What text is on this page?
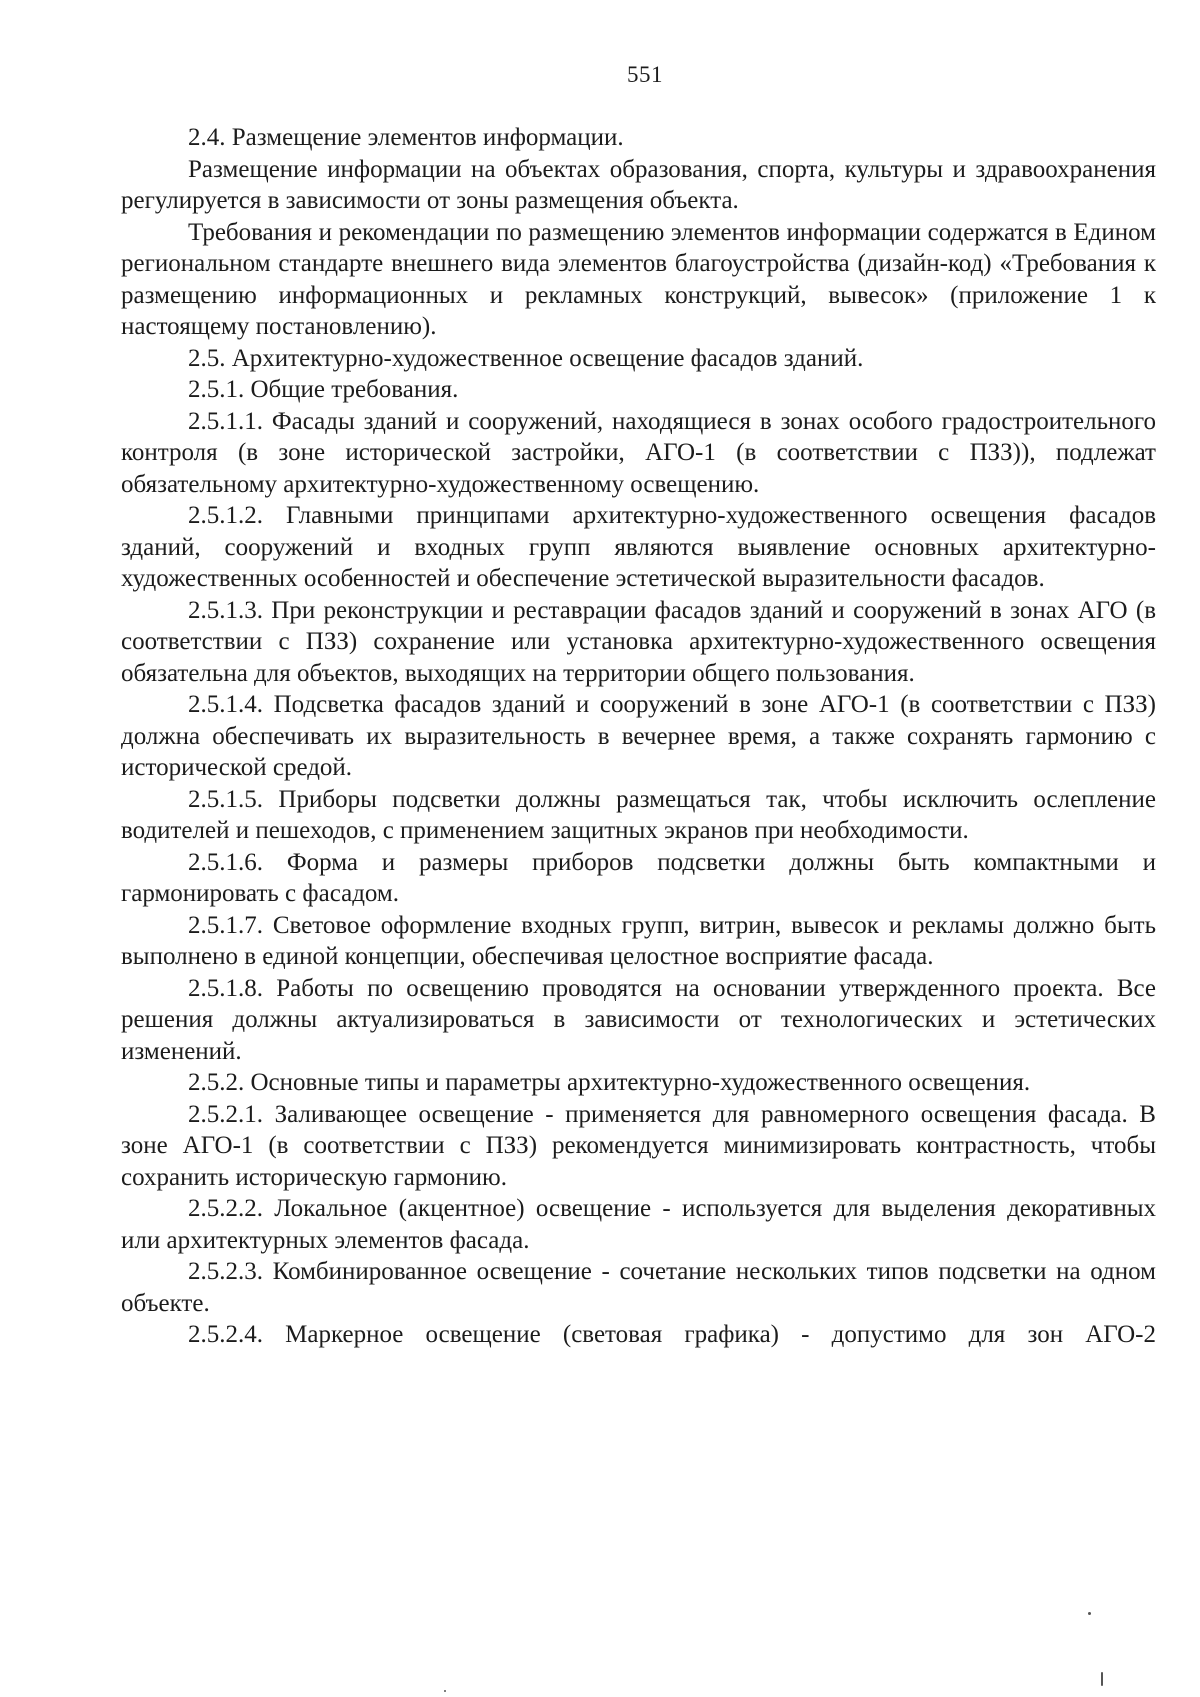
551

2.4. Размещение элементов информации.

Размещение информации на объектах образования, спорта, культуры и здравоохранения регулируется в зависимости от зоны размещения объекта.

Требования и рекомендации по размещению элементов информации содержатся в Едином региональном стандарте внешнего вида элементов благоустройства (дизайн-код) «Требования к размещению информационных и рекламных конструкций, вывесок» (приложение 1 к настоящему постановлению).

2.5. Архитектурно-художественное освещение фасадов зданий.

2.5.1. Общие требования.

2.5.1.1. Фасады зданий и сооружений, находящиеся в зонах особого градостроительного контроля (в зоне исторической застройки, АГО-1 (в соответствии с ПЗЗ)), подлежат обязательному архитектурно-художественному освещению.

2.5.1.2. Главными принципами архитектурно-художественного освещения фасадов зданий, сооружений и входных групп являются выявление основных архитектурно-художественных особенностей и обеспечение эстетической выразительности фасадов.

2.5.1.3. При реконструкции и реставрации фасадов зданий и сооружений в зонах АГО (в соответствии с ПЗЗ) сохранение или установка архитектурно-художественного освещения обязательна для объектов, выходящих на территории общего пользования.

2.5.1.4. Подсветка фасадов зданий и сооружений в зоне АГО-1 (в соответствии с ПЗЗ) должна обеспечивать их выразительность в вечернее время, а также сохранять гармонию с исторической средой.

2.5.1.5. Приборы подсветки должны размещаться так, чтобы исключить ослепление водителей и пешеходов, с применением защитных экранов при необходимости.

2.5.1.6. Форма и размеры приборов подсветки должны быть компактными и гармонировать с фасадом.

2.5.1.7. Световое оформление входных групп, витрин, вывесок и рекламы должно быть выполнено в единой концепции, обеспечивая целостное восприятие фасада.

2.5.1.8. Работы по освещению проводятся на основании утвержденного проекта. Все решения должны актуализироваться в зависимости от технологических и эстетических изменений.

2.5.2. Основные типы и параметры архитектурно-художественного освещения.

2.5.2.1. Заливающее освещение - применяется для равномерного освещения фасада. В зоне АГО-1 (в соответствии с ПЗЗ) рекомендуется минимизировать контрастность, чтобы сохранить историческую гармонию.

2.5.2.2. Локальное (акцентное) освещение - используется для выделения декоративных или архитектурных элементов фасада.

2.5.2.3. Комбинированное освещение - сочетание нескольких типов подсветки на одном объекте.

2.5.2.4. Маркерное освещение (световая графика) - допустимо для зон АГО-2
